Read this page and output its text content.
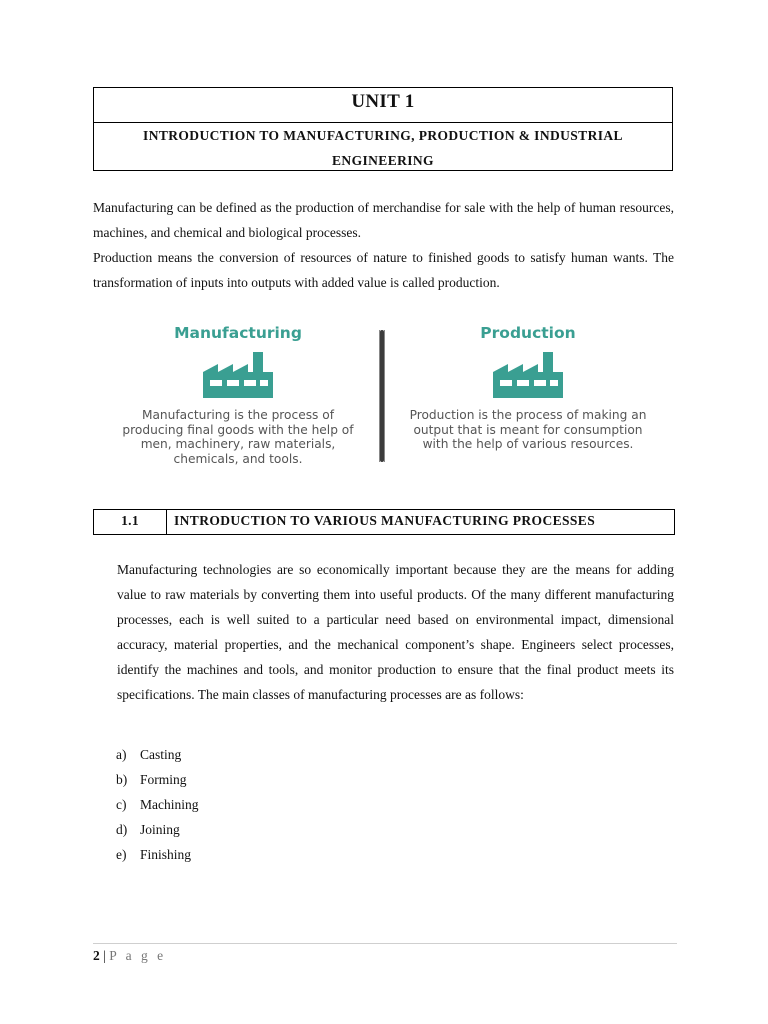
UNIT 1
INTRODUCTION TO MANUFACTURING, PRODUCTION & INDUSTRIAL ENGINEERING
Manufacturing can be defined as the production of merchandise for sale with the help of human resources, machines, and chemical and biological processes.
Production means the conversion of resources of nature to finished goods to satisfy human wants. The transformation of inputs into outputs with added value is called production.
Manufacturing
Manufacturing is the process of producing final goods with the help of men, machinery, raw materials, chemicals, and tools.
Production
Production is the process of making an output that is meant for consumption with the help of various resources.
1.1	INTRODUCTION TO VARIOUS MANUFACTURING PROCESSES
Manufacturing technologies are so economically important because they are the means for adding value to raw materials by converting them into useful products. Of the many different manufacturing processes, each is well suited to a particular need based on environmental impact, dimensional accuracy, material properties, and the mechanical component’s shape. Engineers select processes, identify the machines and tools, and monitor production to ensure that the final product meets its specifications. The main classes of manufacturing processes are as follows:
a)	Casting
b) Forming
c)	Machining
d) Joining
e)	Finishing
2 | P a g e
